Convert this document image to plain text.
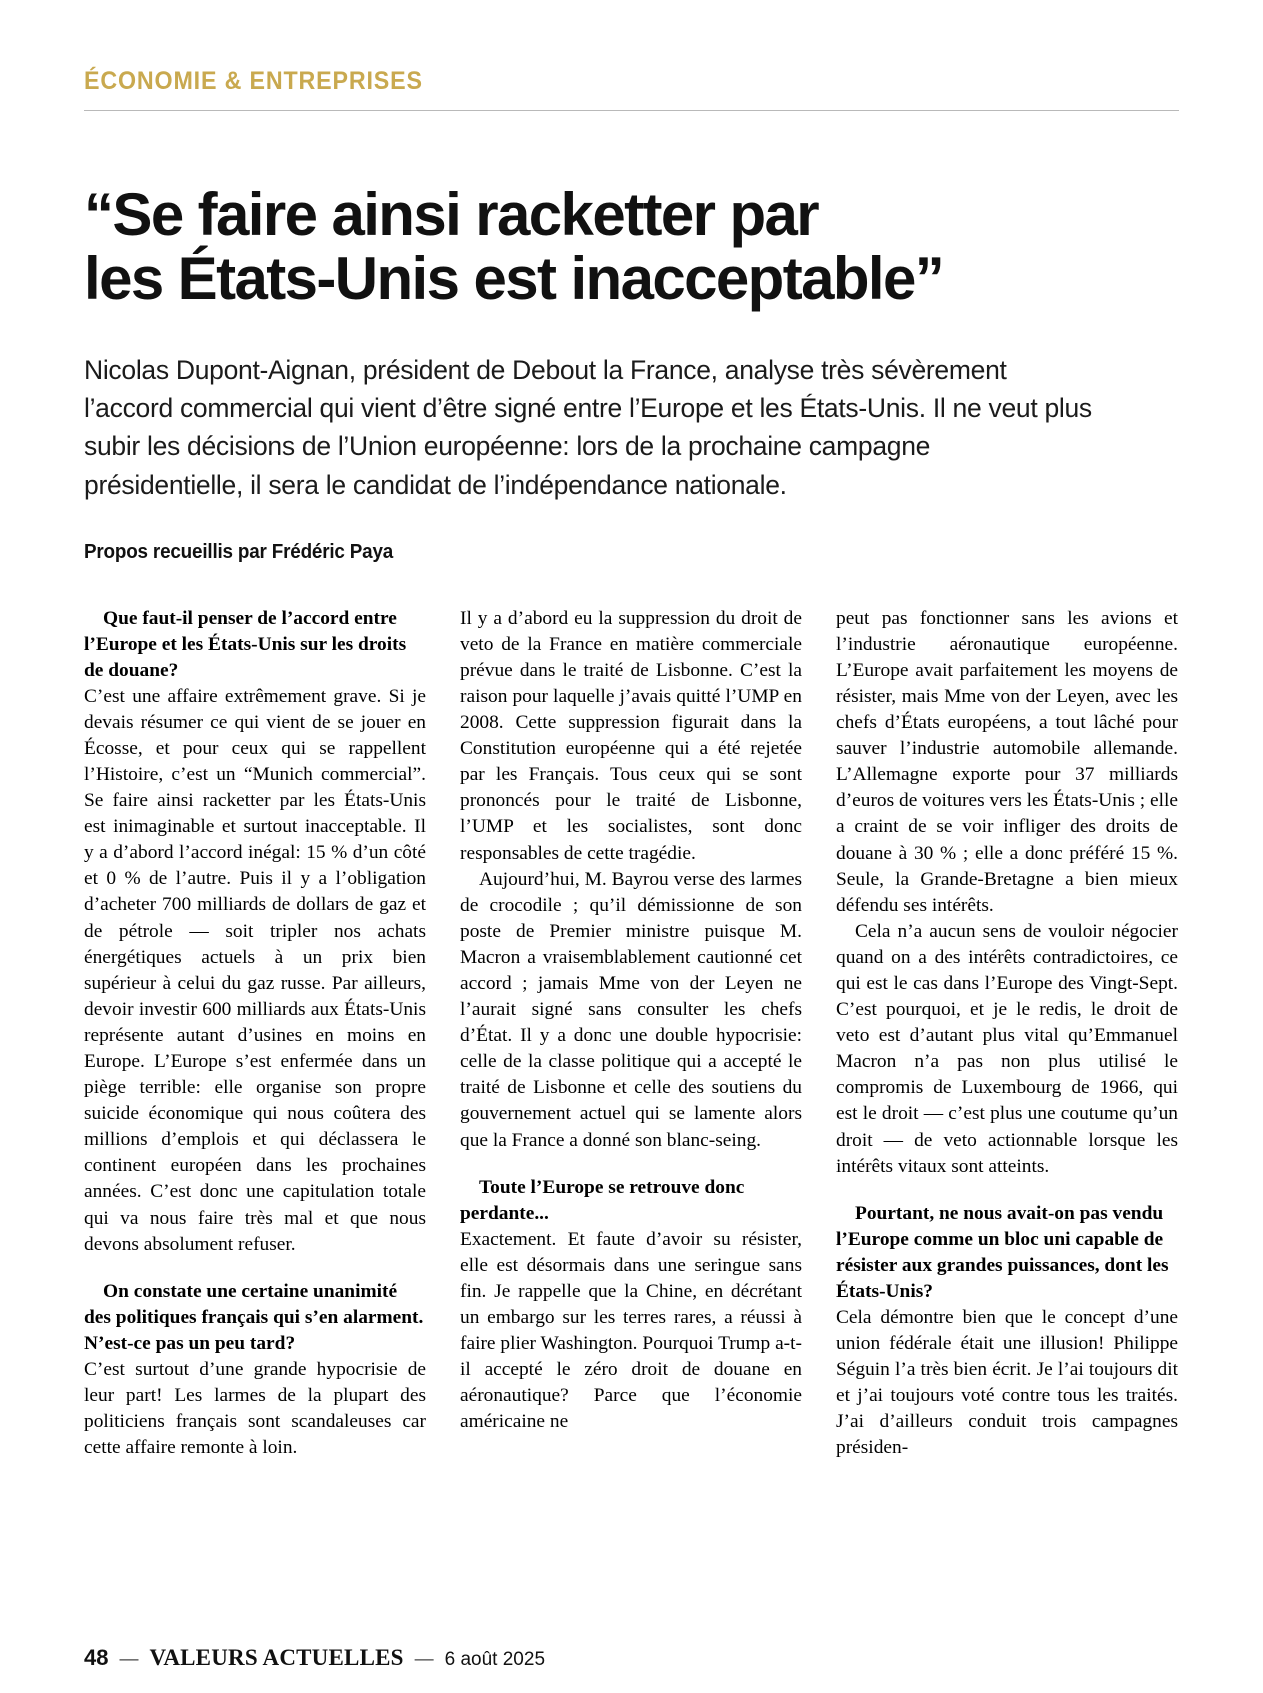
ÉCONOMIE & ENTREPRISES
“Se faire ainsi racketter par
les États-Unis est inacceptable”
Nicolas Dupont-Aignan, président de Debout la France, analyse très sévèrement l’accord commercial qui vient d’être signé entre l’Europe et les États-Unis. Il ne veut plus subir les décisions de l’Union européenne: lors de la prochaine campagne présidentielle, il sera le candidat de l’indépendance nationale.
Propos recueillis par Frédéric Paya

Que faut-il penser de l’accord entre l’Europe et les États-Unis sur les droits de douane?

C’est une affaire extrêmement grave. Si je devais résumer ce qui vient de se jouer en Écosse, et pour ceux qui se rappellent l’Histoire, c’est un “Munich commercial”. Se faire ainsi racketter par les États-Unis est inimaginable et surtout inacceptable. Il y a d’abord l’accord inégal: 15 % d’un côté et 0 % de l’autre. Puis il y a l’obligation d’acheter 700 milliards de dollars de gaz et de pétrole — soit tripler nos achats énergétiques actuels à un prix bien supérieur à celui du gaz russe. Par ailleurs, devoir investir 600 milliards aux États-Unis représente autant d’usines en moins en Europe. L’Europe s’est enfermée dans un piège terrible: elle organise son propre suicide économique qui nous coûtera des millions d’emplois et qui déclassera le continent européen dans les prochaines années. C’est donc une capitulation totale qui va nous faire très mal et que nous devons absolument refuser.

On constate une certaine unanimité des politiques français qui s’en alarment. N’est-ce pas un peu tard?

C’est surtout d’une grande hypocrisie de leur part! Les larmes de la plupart des politiciens français sont scandaleuses car cette affaire remonte à loin.

Il y a d’abord eu la suppression du droit de veto de la France en matière commerciale prévue dans le traité de Lisbonne. C’est la raison pour laquelle j’avais quitté l’UMP en 2008. Cette suppression figurait dans la Constitution européenne qui a été rejetée par les Français. Tous ceux qui se sont prononcés pour le traité de Lisbonne, l’UMP et les socialistes, sont donc responsables de cette tragédie.

Aujourd’hui, M. Bayrou verse des larmes de crocodile ; qu’il démissionne de son poste de Premier ministre puisque M. Macron a vraisemblablement cautionné cet accord ; jamais Mme von der Leyen ne l’aurait signé sans consulter les chefs d’État. Il y a donc une double hypocrisie: celle de la classe politique qui a accepté le traité de Lisbonne et celle des soutiens du gouvernement actuel qui se lamente alors que la France a donné son blanc-seing.

Toute l’Europe se retrouve donc perdante...

Exactement. Et faute d’avoir su résister, elle est désormais dans une seringue sans fin. Je rappelle que la Chine, en décrétant un embargo sur les terres rares, a réussi à faire plier Washington. Pourquoi Trump a-t-il accepté le zéro droit de douane en aéronautique? Parce que l’économie américaine ne

peut pas fonctionner sans les avions et l’industrie aéronautique européenne. L’Europe avait parfaitement les moyens de résister, mais Mme von der Leyen, avec les chefs d’États européens, a tout lâché pour sauver l’industrie automobile allemande. L’Allemagne exporte pour 37 milliards d’euros de voitures vers les États-Unis ; elle a craint de se voir infliger des droits de douane à 30 % ; elle a donc préféré 15 %. Seule, la Grande-Bretagne a bien mieux défendu ses intérêts.

Cela n’a aucun sens de vouloir négocier quand on a des intérêts contradictoires, ce qui est le cas dans l’Europe des Vingt-Sept. C’est pourquoi, et je le redis, le droit de veto est d’autant plus vital qu’Emmanuel Macron n’a pas non plus utilisé le compromis de Luxembourg de 1966, qui est le droit — c’est plus une coutume qu’un droit — de veto actionnable lorsque les intérêts vitaux sont atteints.

Pourtant, ne nous avait-on pas vendu l’Europe comme un bloc uni capable de résister aux grandes puissances, dont les États-Unis?

Cela démontre bien que le concept d’une union fédérale était une illusion! Philippe Séguin l’a très bien écrit. Je l’ai toujours dit et j’ai toujours voté contre tous les traités. J’ai d’ailleurs conduit trois campagnes présiden-

48 — VALEURS ACTUELLES — 6 août 2025
